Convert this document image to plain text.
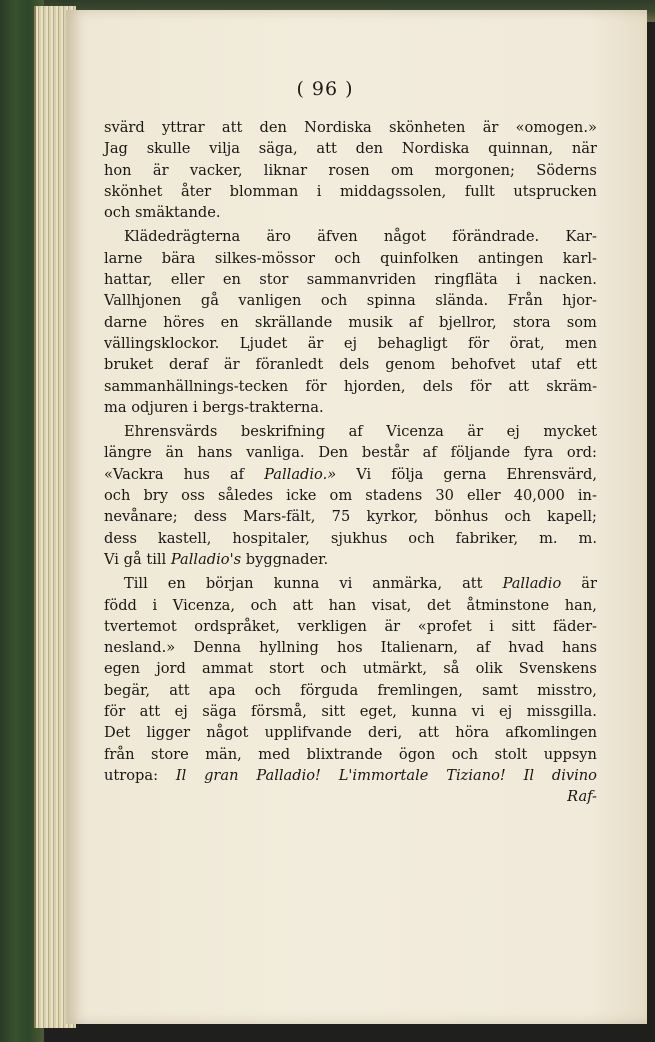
( 96 )
svärd yttrar att den Nordiska skönheten är «omogen.»
Jag skulle vilja säga, att den Nordiska quinnan, när
hon är vacker, liknar rosen om morgonen; Söderns
skönhet åter blomman i middagssolen, fullt utsprucken
och smäktande.
Klädedrägterna äro äfven något förändrade. Kar-
larne bära silkes-mössor och quinfolken antingen karl-
hattar, eller en stor sammanvriden ringfläta i nacken.
Vallhjonen gå vanligen och spinna slända. Från hjor-
darne höres en skrällande musik af bjellror, stora som
vällingsklockor. Ljudet är ej behagligt för örat, men
bruket deraf är föranledt dels genom behofvet utaf ett
sammanhällnings-tecken för hjorden, dels för att skräm-
ma odjuren i bergs-trakterna.
Ehrensvärds beskrifning af Vicenza är ej mycket
längre än hans vanliga. Den består af följande fyra ord:
«Vackra hus af Palladio.» Vi följa gerna Ehrensvärd,
och bry oss således icke om stadens 30 eller 40,000 in-
nevånare; dess Mars-fält, 75 kyrkor, bönhus och kapell;
dess kastell, hospitaler, sjukhus och fabriker, m. m.
Vi gå till Palladio's byggnader.
Till en början kunna vi anmärka, att Palladio är
född i Vicenza, och att han visat, det åtminstone han,
tvertemot ordspråket, verkligen är «profet i sitt fäder-
nesland.» Denna hyllning hos Italienarn, af hvad hans
egen jord ammat stort och utmärkt, så olik Svenskens
begär, att apa och förguda fremlingen, samt misstro,
för att ej säga försmå, sitt eget, kunna vi ej missgilla.
Det ligger något upplifvande deri, att höra afkomlingen
från store män, med blixtrande ögon och stolt uppsyn
utropa: Il gran Palladio! L'immortale Tiziano! Il divino
Raf-
